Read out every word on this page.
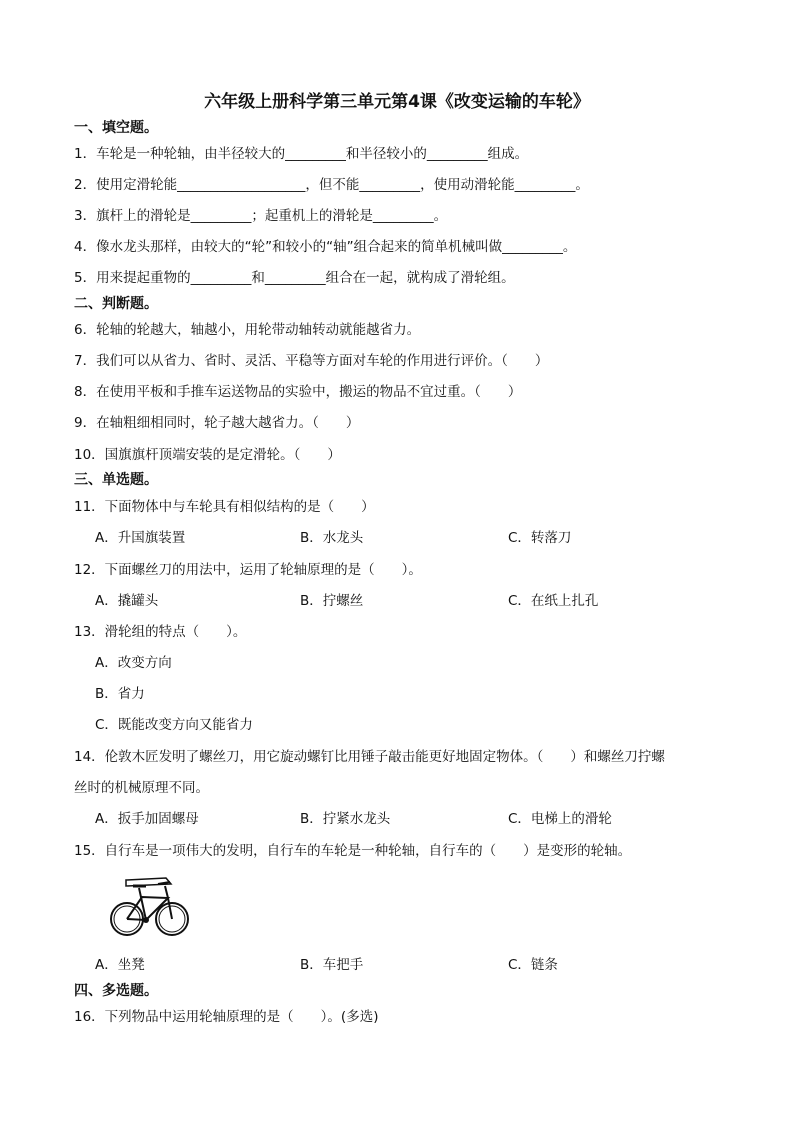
六年级上册科学第三单元第4课《改变运输的车轮》
一、填空题。
1．车轮是一种轮轴，由半径较大的_________和半径较小的_________组成。
2．使用定滑轮能___________________，但不能_________，使用动滑轮能_________。
3．旗杆上的滑轮是_________；起重机上的滑轮是_________。
4．像水龙头那样，由较大的“轮”和较小的“轴”组合起来的简单机械叫做_________。
5．用来提起重物的_________和_________组合在一起，就构成了滑轮组。
二、判断题。
6．轮轴的轮越大，轴越小，用轮带动轴转动就能越省力。
7．我们可以从省力、省时、灵活、平稳等方面对车轮的作用进行评价。（　　）
8．在使用平板和手推车运送物品的实验中，搬运的物品不宜过重。（　　）
9．在轴粗细相同时，轮子越大越省力。（　　）
10．国旗旗杆顶端安装的是定滑轮。（　　）
三、单选题。
11．下面物体中与车轮具有相似结构的是（　　）
A．升国旗装置	B．水龙头	C．转落刀
12．下面螺丝刀的用法中，运用了轮轴原理的是（　　）。
A．撬罐头	B．拧螺丝	C．在纸上扎孔
13．滑轮组的特点（　　）。
A．改变方向
B．省力
C．既能改变方向又能省力
14．伦敦木匠发明了螺丝刀，用它旋动螺钉比用锤子敲击能更好地固定物体。（　　）和螺丝刀拧螺
丝时的机械原理不同。
A．扳手加固螺母	B．拧紧水龙头	C．电梯上的滑轮
15．自行车是一项伟大的发明，自行车的车轮是一种轮轴，自行车的（　　）是变形的轮轴。
A．坐凳	B．车把手	C．链条
四、多选题。
16．下列物品中运用轮轴原理的是（　　）。(多选)
